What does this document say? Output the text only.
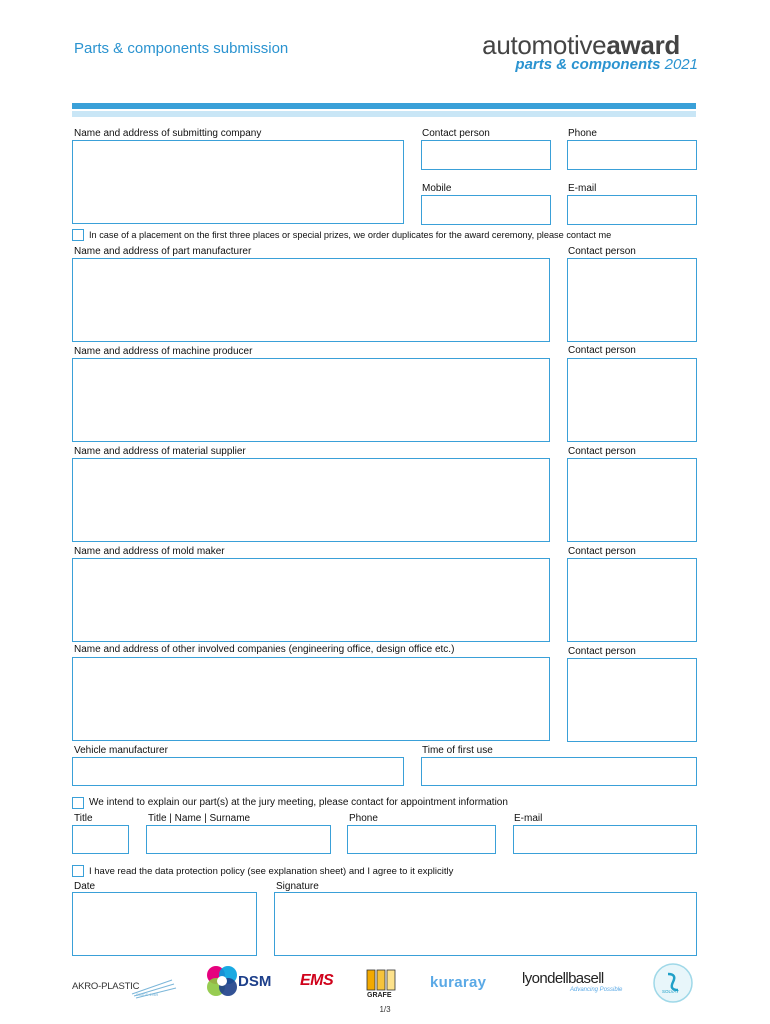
Parts & components submission	automotiveaward
parts & components 2021
Name and address of submitting company	Contact person	Phone
Mobile	E-mail
In case of a placement on the first three places or special prizes, we order duplicates for the award ceremony, please contact me
Name and address of part manufacturer	Contact person
Name and address of machine producer	Contact person
Name and address of material supplier	Contact person
Name and address of mold maker	Contact person
Name and address of other involved companies (engineering office, design office etc.)	Contact person
Vehicle manufacturer	Time of first use
We intend to explain our part(s) at the jury meeting, please contact for appointment information
Title	Title | Name | Surname	Phone	E-mail
I have read the data protection policy (see explanation sheet) and I agree to it explicitly
Date	Signature
AKRO-PLASTIC
SINCE 1969
DSM EMS
GRAFE
kuraray lyondellbasell
Advancing Possible	SOLVAY
1/3
